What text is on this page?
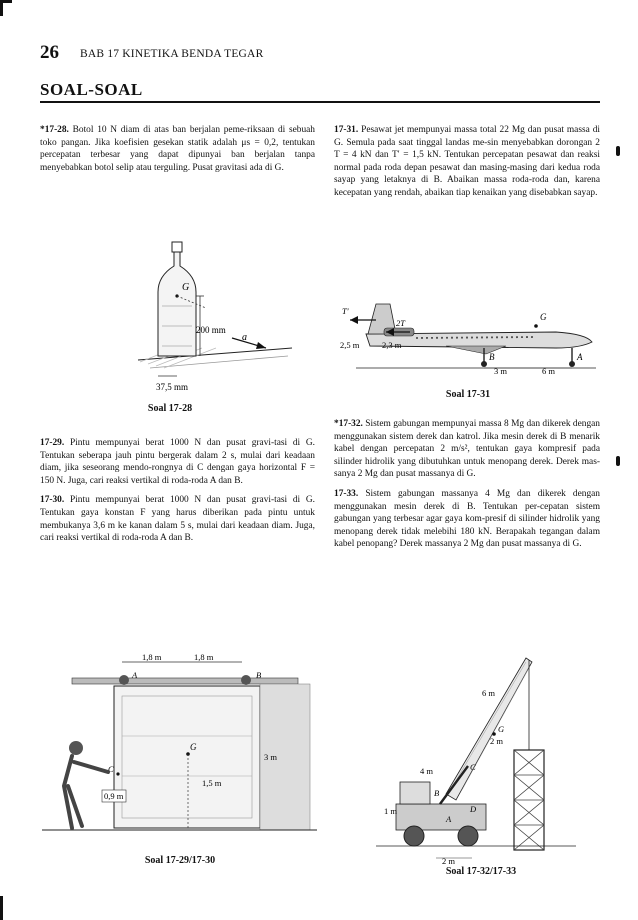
26 BAB 17 KINETIKA BENDA TEGAR
SOAL-SOAL

*17-28. Botol 10 N diam di atas ban berjalan peme-riksaan di sebuah toko pangan. Jika koefisien gesekan statik adalah μs = 0,2, tentukan percepatan terbesar yang dapat dipunyai ban berjalan tanpa menyebabkan botol selip atau terguling. Pusat gravitasi ada di G.

G
200 mm
a
37,5 mm
Soal 17-28

17-29. Pintu mempunyai berat 1000 N dan pusat gravi-tasi di G. Tentukan seberapa jauh pintu bergerak dalam 2 s, mulai dari keadaan diam, jika seseorang mendo-rongnya di C dengan gaya horizontal F = 150 N. Juga, cari reaksi vertikal di roda-roda A dan B.

17-30. Pintu mempunyai berat 1000 N dan pusat gravi-tasi di G. Tentukan gaya konstan F yang harus diberikan pada pintu untuk membukanya 3,6 m ke kanan dalam 5 s, mulai dari keadaan diam. Juga, cari reaksi vertikal di roda-roda A dan B.

1,8 m	1,8 m
A	B
G
3 m
1,5 m
C
0,9 m
Soal 17-29/17-30

17-31. Pesawat jet mempunyai massa total 22 Mg dan pusat massa di G. Semula pada saat tinggal landas me-sin menyebabkan dorongan 2 T = 4 kN dan T′ = 1,5 kN. Tentukan percepatan pesawat dan reaksi normal pada roda depan pesawat dan masing-masing dari kedua roda sayap yang letaknya di B. Abaikan massa roda-roda dan, karena kecepatan yang rendah, abaikan tiap kenaikan yang disebabkan sayap.

B	A
T′
2T
G
2,5 m	2,3 m
3 m	6 m
Soal 17-31

*17-32. Sistem gabungan mempunyai massa 8 Mg dan dikerek dengan menggunakan sistem derek dan katrol. Jika mesin derek di B menarik kabel dengan percepatan 2 m/s², tentukan gaya kompresif pada silinder hidrolik yang dibutuhkan untuk menopang derek. Derek mas-sanya 2 Mg dan pusat massanya di G.

17-33. Sistem gabungan massanya 4 Mg dan dikerek dengan menggunakan mesin derek di B. Tentukan per-cepatan sistem gabungan yang terbesar agar gaya kom-presif di silinder hidrolik yang menopang derek tidak melebihi 180 kN. Berapakah tegangan dalam kabel penopang? Derek massanya 2 Mg dan pusat massanya di G.

G
C
B
D
A
6 m
2 m
4 m
1 m
2 m
Soal 17-32/17-33
